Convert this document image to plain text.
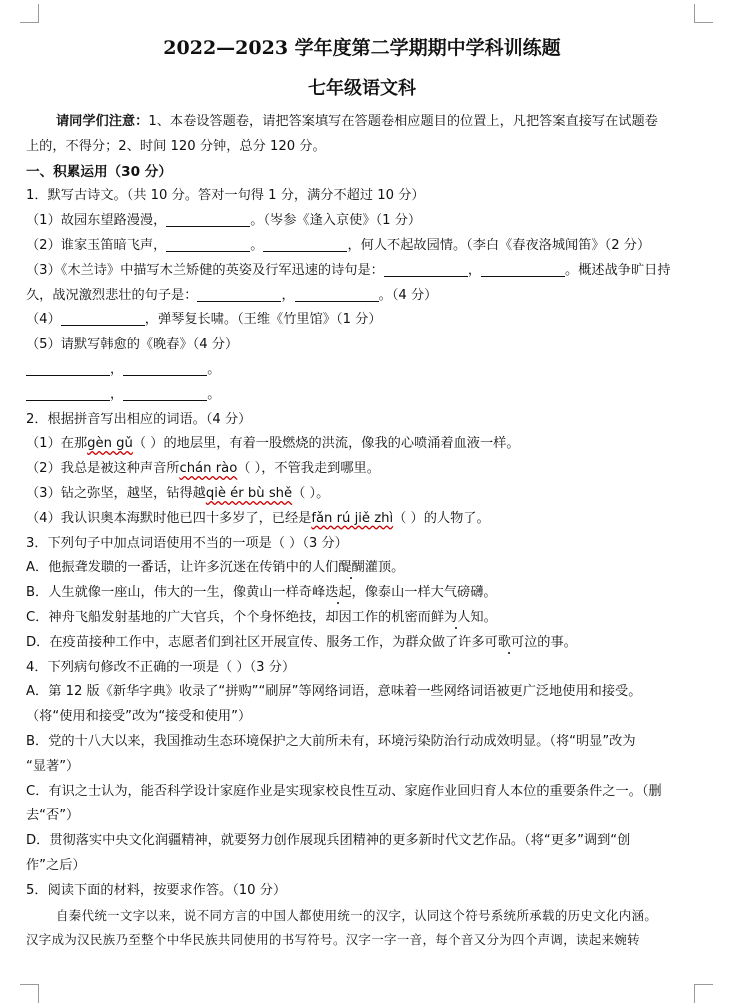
2022—2023 学年度第二学期期中学科训练题
七年级语文科
请同学们注意：1、本卷设答题卷，请把答案填写在答题卷相应题目的位置上，凡把答案直接写在试题卷
上的，不得分；2、时间 120 分钟，总分 120 分。
一、积累运用（30 分）
1．默写古诗文。（共 10 分。答对一句得 1 分，满分不超过 10 分）
（1）故园东望路漫漫，	。（岑参《逢入京使》（1 分）
（2）谁家玉笛暗飞声，	。	，何人不起故园情。（李白《春夜洛城闻笛》（2 分）
（3）《木兰诗》中描写木兰矫健的英姿及行军迅速的诗句是：	，	。概述战争旷日持
久，战况激烈悲壮的句子是：	，	。（4 分）
（4）	，弹琴复长啸。（王维《竹里馆》（1 分）
（5）请默写韩愈的《晚春》（4 分）
，	。
，	。
2．根据拼音写出相应的词语。（4 分）
（1）在那gèn gǔ（ ）的地层里，有着一股燃烧的洪流，像我的心喷涌着血液一样。
（2）我总是被这种声音所chán rào（ ），不管我走到哪里。
（3）钻之弥坚，越坚，钻得越qiè ér bù shě（ ）。
（4）我认识奥本海默时他已四十多岁了，已经是fǎn rú jiě zhì（ ）的人物了。
3．下列句子中加点词语使用不当的一项是（ ）（3 分）
A．他振聋发聩的一番话，让许多沉迷在传销中的人们醍醐灌顶。
B．人生就像一座山，伟大的一生，像黄山一样奇峰迭起，像泰山一样大气磅礴。
C．神舟飞船发射基地的广大官兵，个个身怀绝技，却因工作的机密而鲜为人知。
D．在疫苗接种工作中，志愿者们到社区开展宣传、服务工作，为群众做了许多可歌可泣的事。
4．下列病句修改不正确的一项是（ ）（3 分）
A．第 12 版《新华字典》收录了“拼购”“刷屏”等网络词语，意味着一些网络词语被更广泛地使用和接受。
（将“使用和接受”改为“接受和使用”）
B．党的十八大以来，我国推动生态环境保护之大前所未有，环境污染防治行动成效明显。（将“明显”改为
“显著”）
C．有识之士认为，能否科学设计家庭作业是实现家校良性互动、家庭作业回归育人本位的重要条件之一。（删
去“否”）
D．贯彻落实中央文化润疆精神，就要努力创作展现兵团精神的更多新时代文艺作品。（将“更多”调到“创
作”之后）
5．阅读下面的材料，按要求作答。（10 分）
自秦代统一文字以来，说不同方言的中国人都使用统一的汉字，认同这个符号系统所承载的历史文化内涵。
汉字成为汉民族乃至整个中华民族共同使用的书写符号。汉字一字一音，每个音又分为四个声调，读起来婉转
